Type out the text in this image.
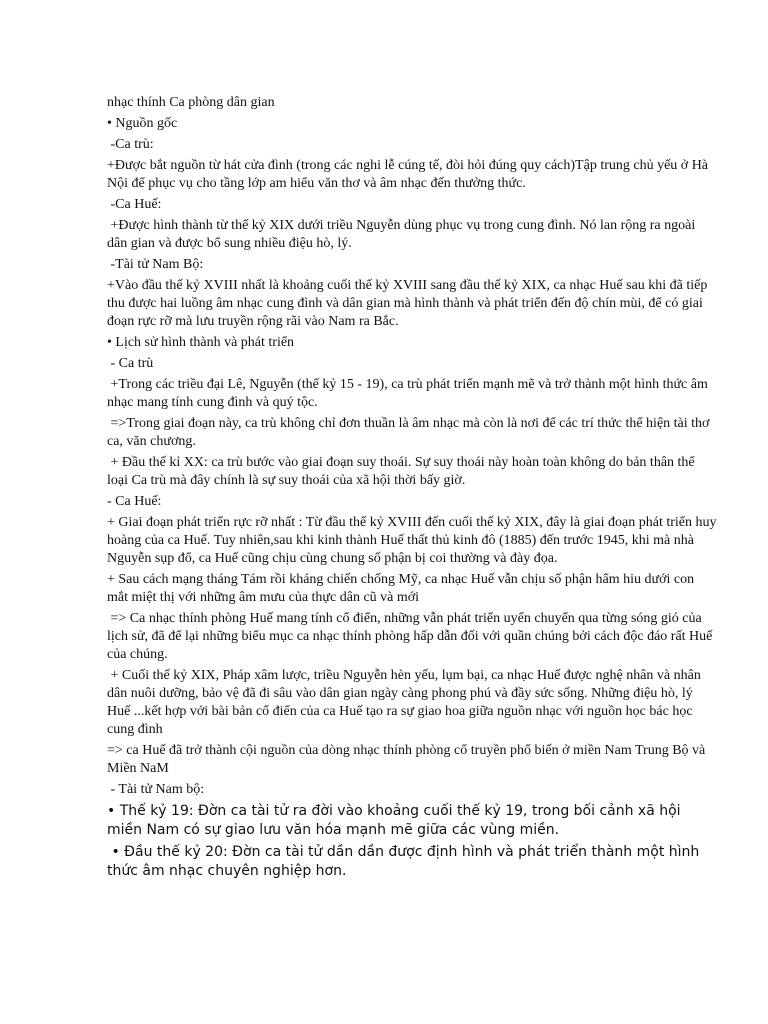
nhạc thính Ca phòng dân gian

• Nguồn gốc

-Ca trù:

+Được bắt nguồn từ hát cửa đình (trong các nghi lễ cúng tế, đòi hỏi đúng quy cách)Tập trung chủ yếu ở Hà Nội để phục vụ cho tầng lớp am hiểu văn thơ và âm nhạc đến thưởng thức.

-Ca Huế:

+Được hình thành từ thế kỷ XIX dưới triều Nguyễn dùng phục vụ trong cung đình. Nó lan rộng ra ngoài dân gian và được bổ sung nhiều điệu hò, lý.

-Tài tử Nam Bộ:

+Vào đầu thế kỷ XVIII nhất là khoảng cuối thế kỷ XVIII sang đầu thế kỷ XIX, ca nhạc Huế sau khi đã tiếp thu được hai luồng âm nhạc cung đình và dân gian mà hình thành và phát triển đến độ chín mùi, để có giai đoạn rực rỡ mà lưu truyền rộng rãi vào Nam ra Bắc.

• Lịch sử hình thành và phát triển

- Ca trù

+Trong các triều đại Lê, Nguyễn (thế kỷ 15 - 19), ca trù phát triển mạnh mẽ và trở thành một hình thức âm nhạc mang tính cung đình và quý tộc.

=>Trong giai đoạn này, ca trù không chỉ đơn thuần là âm nhạc mà còn là nơi để các trí thức thể hiện tài thơ ca, văn chương.

+ Đầu thế kỉ XX: ca trù bước vào giai đoạn suy thoái. Sự suy thoái này hoàn toàn không do bản thân thể loại Ca trù mà đây chính là sự suy thoái của xã hội thời bấy giờ.

- Ca Huế:

+ Giai đoạn phát triển rực rỡ nhất : Từ đầu thế kỷ XVIII đến cuối thế kỷ XIX, đây là giai đoạn phát triển huy hoàng của ca Huế. Tuy nhiên,sau khi kinh thành Huế thất thủ kinh đô (1885) đến trước 1945, khi mà nhà Nguyễn sụp đổ, ca Huế cũng chịu cùng chung số phận bị coi thường và đày đọa.

+ Sau cách mạng tháng Tám rồi kháng chiến chống Mỹ, ca nhạc Huế vẫn chịu số phận hẩm hiu dưới con mắt miệt thị với những âm mưu của thực dân cũ và mới

=> Ca nhạc thính phòng Huế mang tính cổ điển, những vẫn phát triển uyển chuyển qua từng sóng gió của lịch sử, đã để lại những biểu mục ca nhạc thính phòng hấp dẫn đối với quần chúng bởi cách độc đáo rất Huế của chúng.

+ Cuối thế kỷ XIX, Pháp xâm lược, triều Nguyễn hèn yếu, lụm bại, ca nhạc Huế được nghệ nhân và nhân dân nuôi dưỡng, bảo vệ đã đi sâu vào dân gian ngày càng phong phú và đầy sức sống. Những điệu hò, lý Huế ...kết hợp với bài bản cổ điển của ca Huế tạo ra sự giao hoa giữa nguồn nhạc với nguồn học bác học cung đình

=> ca Huế đã trở thành cội nguồn của dòng nhạc thính phòng cổ truyền phổ biến ở miền Nam Trung Bộ và Miền NaM

- Tài tử Nam bộ:

• Thế kỷ 19: Đờn ca tài tử ra đời vào khoảng cuối thế kỷ 19, trong bối cảnh xã hội miền Nam có sự giao lưu văn hóa mạnh mẽ giữa các vùng miền.

• Đầu thế kỷ 20: Đờn ca tài tử dần dần được định hình và phát triển thành một hình thức âm nhạc chuyên nghiệp hơn.
